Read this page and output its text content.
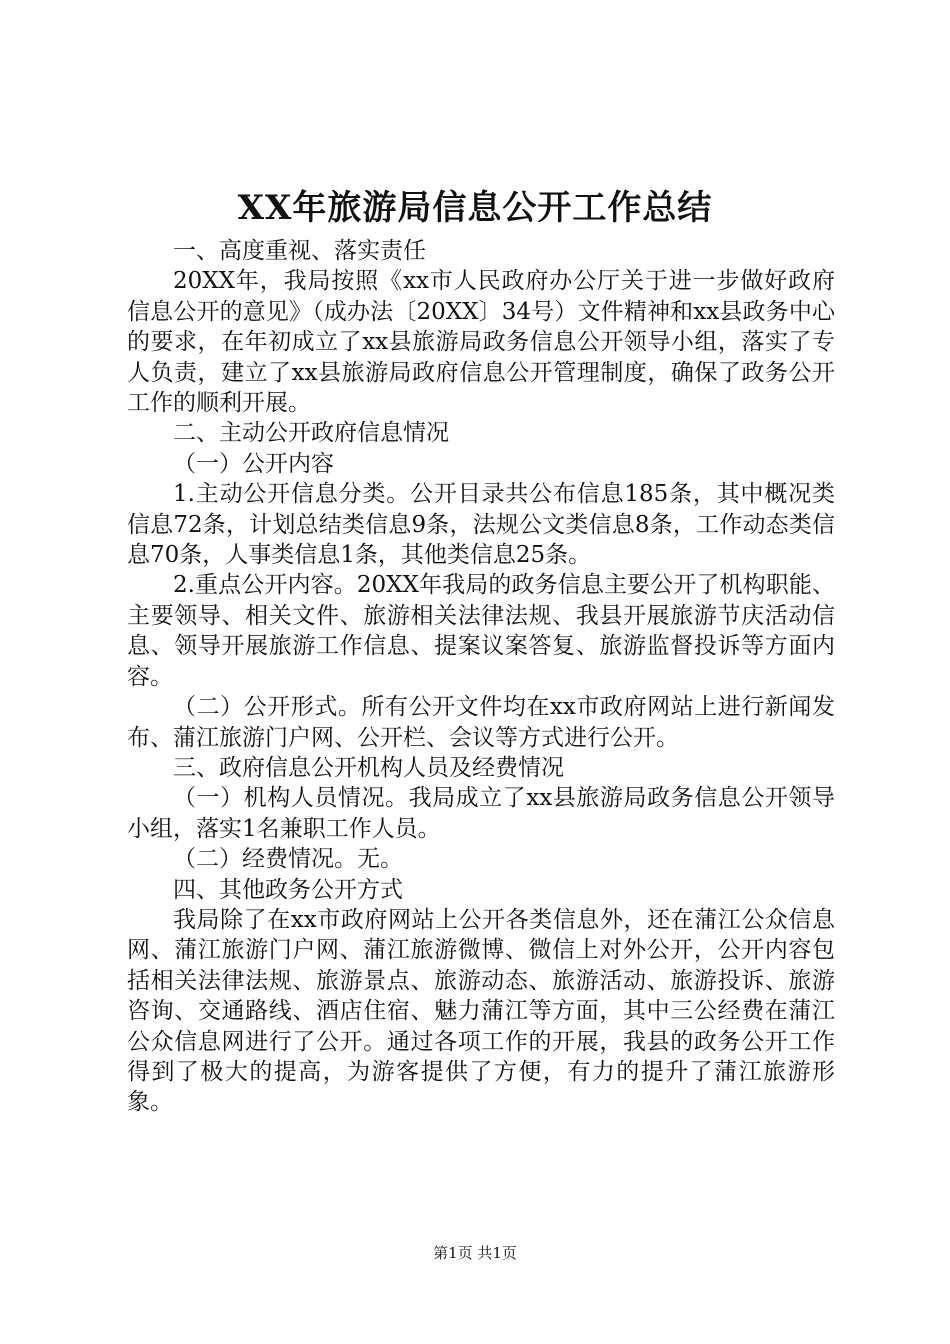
XX年旅游局信息公开工作总结

一、高度重视、落实责任

20XX年，我局按照《xx市人民政府办公厅关于进一步做好政府信息公开的意见》（成办法〔20XX〕34号）文件精神和xx县政务中心的要求，在年初成立了xx县旅游局政务信息公开领导小组，落实了专人负责，建立了xx县旅游局政府信息公开管理制度，确保了政务公开工作的顺利开展。

二、主动公开政府信息情况

（一）公开内容

1.主动公开信息分类。公开目录共公布信息185条，其中概况类信息72条，计划总结类信息9条，法规公文类信息8条，工作动态类信息70条，人事类信息1条，其他类信息25条。

2.重点公开内容。20XX年我局的政务信息主要公开了机构职能、主要领导、相关文件、旅游相关法律法规、我县开展旅游节庆活动信息、领导开展旅游工作信息、提案议案答复、旅游监督投诉等方面内容。

（二）公开形式。所有公开文件均在xx市政府网站上进行新闻发布、蒲江旅游门户网、公开栏、会议等方式进行公开。

三、政府信息公开机构人员及经费情况

（一）机构人员情况。我局成立了xx县旅游局政务信息公开领导小组，落实1名兼职工作人员。

（二）经费情况。无。

四、其他政务公开方式

我局除了在xx市政府网站上公开各类信息外，还在蒲江公众信息网、蒲江旅游门户网、蒲江旅游微博、微信上对外公开，公开内容包括相关法律法规、旅游景点、旅游动态、旅游活动、旅游投诉、旅游咨询、交通路线、酒店住宿、魅力蒲江等方面，其中三公经费在蒲江公众信息网进行了公开。通过各项工作的开展，我县的政务公开工作得到了极大的提高，为游客提供了方便，有力的提升了蒲江旅游形象。

第1页 共1页
